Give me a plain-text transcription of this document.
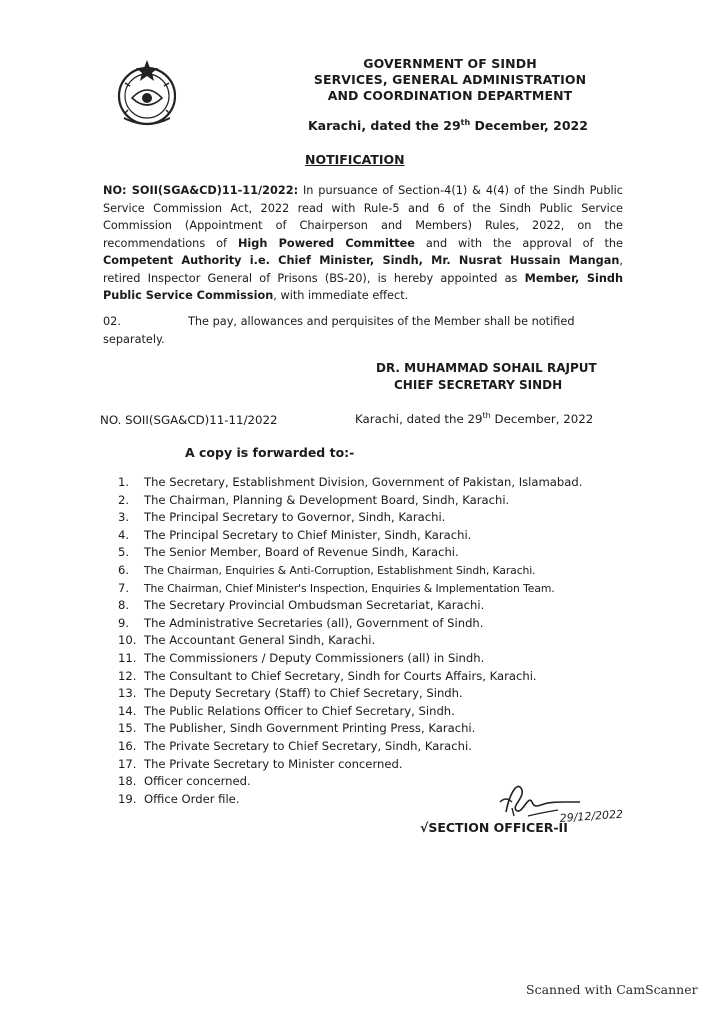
GOVERNMENT OF SINDH
SERVICES, GENERAL ADMINISTRATION
AND COORDINATION DEPARTMENT
Karachi, dated the 29th December, 2022
NOTIFICATION
NO: SOII(SGA&CD)11-11/2022: In pursuance of Section-4(1) & 4(4) of the Sindh Public Service Commission Act, 2022 read with Rule-5 and 6 of the Sindh Public Service Commission (Appointment of Chairperson and Members) Rules, 2022, on the recommendations of High Powered Committee and with the approval of the Competent Authority i.e. Chief Minister, Sindh, Mr. Nusrat Hussain Mangan, retired Inspector General of Prisons (BS-20), is hereby appointed as Member, Sindh Public Service Commission, with immediate effect.
02.	The pay, allowances and perquisites of the Member shall be notified separately.
DR. MUHAMMAD SOHAIL RAJPUT
CHIEF SECRETARY SINDH
NO. SOII(SGA&CD)11-11/2022	Karachi, dated the 29th December, 2022
A copy is forwarded to:-
1.	The Secretary, Establishment Division, Government of Pakistan, Islamabad.
2.	The Chairman, Planning & Development Board, Sindh, Karachi.
3.	The Principal Secretary to Governor, Sindh, Karachi.
4.	The Principal Secretary to Chief Minister, Sindh, Karachi.
5.	The Senior Member, Board of Revenue Sindh, Karachi.
6.	The Chairman, Enquiries & Anti-Corruption, Establishment Sindh, Karachi.
7.	The Chairman, Chief Minister's Inspection, Enquiries & Implementation Team.
8.	The Secretary Provincial Ombudsman Secretariat, Karachi.
9.	The Administrative Secretaries (all), Government of Sindh.
10. The Accountant General Sindh, Karachi.
11. The Commissioners / Deputy Commissioners (all) in Sindh.
12. The Consultant to Chief Secretary, Sindh for Courts Affairs, Karachi.
13. The Deputy Secretary (Staff) to Chief Secretary, Sindh.
14. The Public Relations Officer to Chief Secretary, Sindh.
15. The Publisher, Sindh Government Printing Press, Karachi.
16. The Private Secretary to Chief Secretary, Sindh, Karachi.
17. The Private Secretary to Minister concerned.
18. Officer concerned.
19. Office Order file.
29/12/2022
√SECTION OFFICER-II
Scanned with CamScanner
